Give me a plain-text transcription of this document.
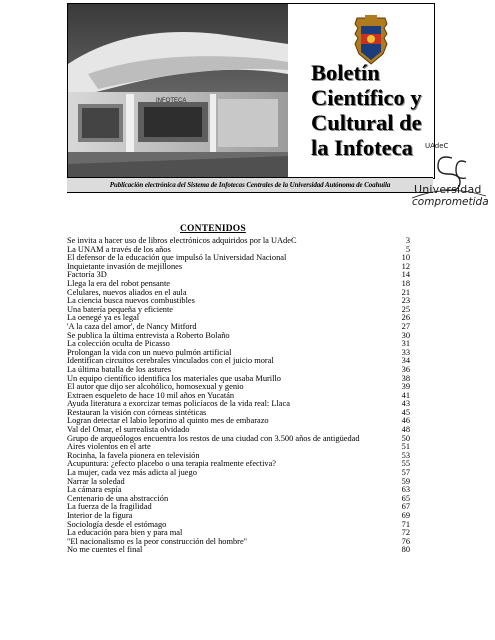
INFOTECA
Boletín
Científico y
Cultural de
la Infoteca
Publicación electrónica del Sistema de Infotecas Centrales de la Universidad Autónoma de Coahuila
UAdeC
Universidad
comprometida
CONTENIDOS
Se invita a hacer uso de libros electrónicos adquiridos por la UAdeC	3
La UNAM a través de los años	5
El defensor de la educación que impulsó la Universidad Nacional	10
Inquietante invasión de mejillones	12
Factoría 3D	14
Llega la era del robot pensante	18
Celulares, nuevos aliados en el aula	21
La ciencia busca nuevos combustibles	23
Una batería pequeña y eficiente	25
La oenegé ya es legal	26
'A la caza del amor', de Nancy Mitford	27
Se publica la última entrevista a Roberto Bolaño	30
La colección oculta de Picasso	31
Prolongan la vida con un nuevo pulmón artificial	33
Identifican circuitos cerebrales vinculados con el juicio moral	34
La última batalla de los astures	36
Un equipo científico identifica los materiales que usaba Murillo	38
El autor que dijo ser alcohólico, homosexual y genio	39
Extraen esqueleto de hace 10 mil años en Yucatán	41
Ayuda literatura a exorcizar temas policíacos de la vida real: Llaca	43
Restauran la visión con córneas sintéticas	45
Logran detectar el labio leporino al quinto mes de embarazo	46
Val del Omar, el surrealista olvidado	48
Grupo de arqueólogos encuentra los restos de una ciudad con 3.500 años de antigüedad	50
Aires violentos en el arte	51
Rocinha, la favela pionera en televisión	53
Acupuntura: ¿efecto placebo o una terapia realmente efectiva?	55
La mujer, cada vez más adicta al juego	57
Narrar la soledad	59
La cámara espía	63
Centenario de una abstracción	65
La fuerza de la fragilidad	67
Interior de la figura	69
Sociología desde el estómago	71
La educación para bien y para mal	72
"El nacionalismo es la peor construcción del hombre"	76
No me cuentes el final	80
